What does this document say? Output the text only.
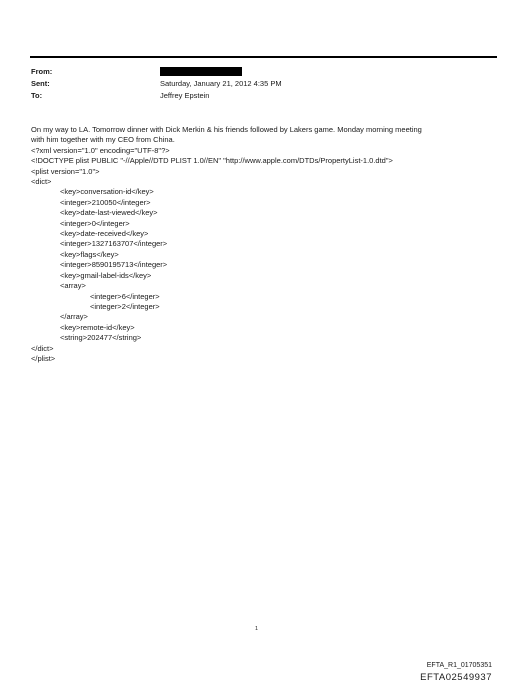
From:
Sent:	Saturday, January 21, 2012 4:35 PM
To:	Jeffrey Epstein
On my way to LA. Tomorrow dinner with Dick Merkin & his friends followed by Lakers game. Monday morning meeting
with him together with my CEO from China.
<?xml version="1.0" encoding="UTF-8"?>
<!DOCTYPE plist PUBLIC "-//Apple//DTD PLIST 1.0//EN" "http://www.apple.com/DTDs/PropertyList-1.0.dtd">
<plist version="1.0">
<dict>
<key>conversation-id</key>
<integer>210050</integer>
<key>date-last-viewed</key>
<integer>0</integer>
<key>date-received</key>
<integer>1327163707</integer>
<key>flags</key>
<integer>8590195713</integer>
<key>gmail-label-ids</key>
<array>
<integer>6</integer>
<integer>2</integer>
</array>
<key>remote-id</key>
<string>202477</string>
</dict>
</plist>
1
EFTA_R1_01705351
EFTA02549937
